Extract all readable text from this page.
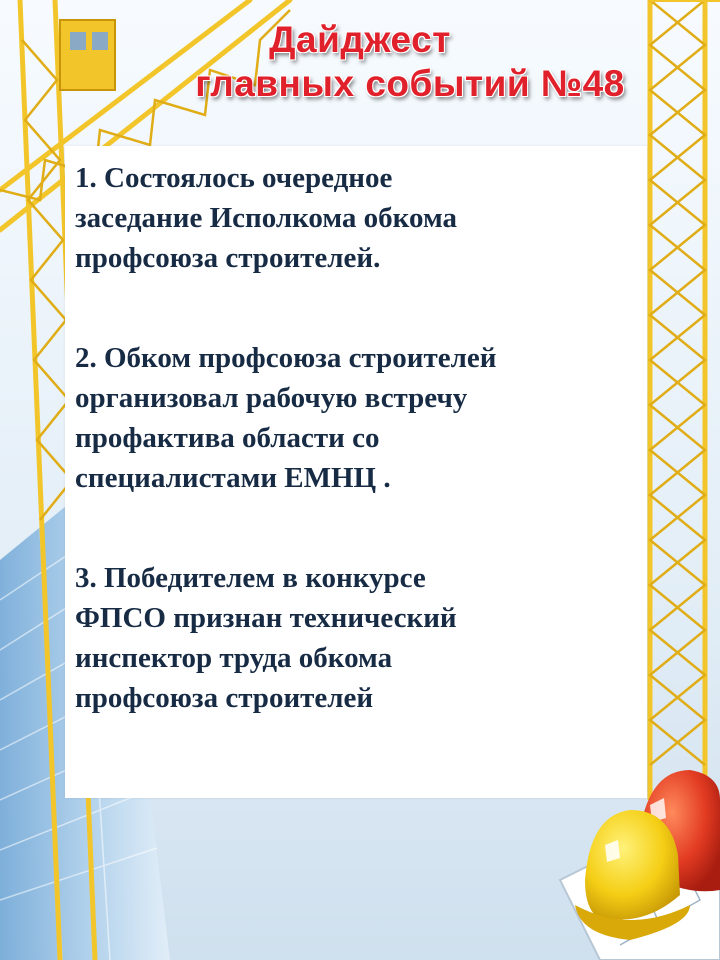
Дайджест
главных событий №48

1. Состоялось очередное
заседание Исполкома обкома
профсоюза строителей.

2. Обком профсоюза строителей
организовал рабочую встречу
профактива области со
специалистами ЕМНЦ .

3. Победителем в конкурсе
ФПСО признан технический
инспектор труда обкома
профсоюза строителей
